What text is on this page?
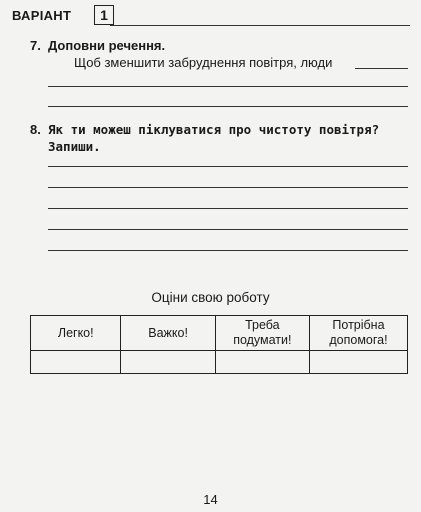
ВАРІАНТ	1
7. Доповни речення.
Щоб зменшити забруднення повітря, люди
8. Як ти можеш піклуватися про чистоту повітря? Запиши.
Оціни свою роботу
Легко!	Важко!	Треба подумати!	Потрібна допомога!

14
